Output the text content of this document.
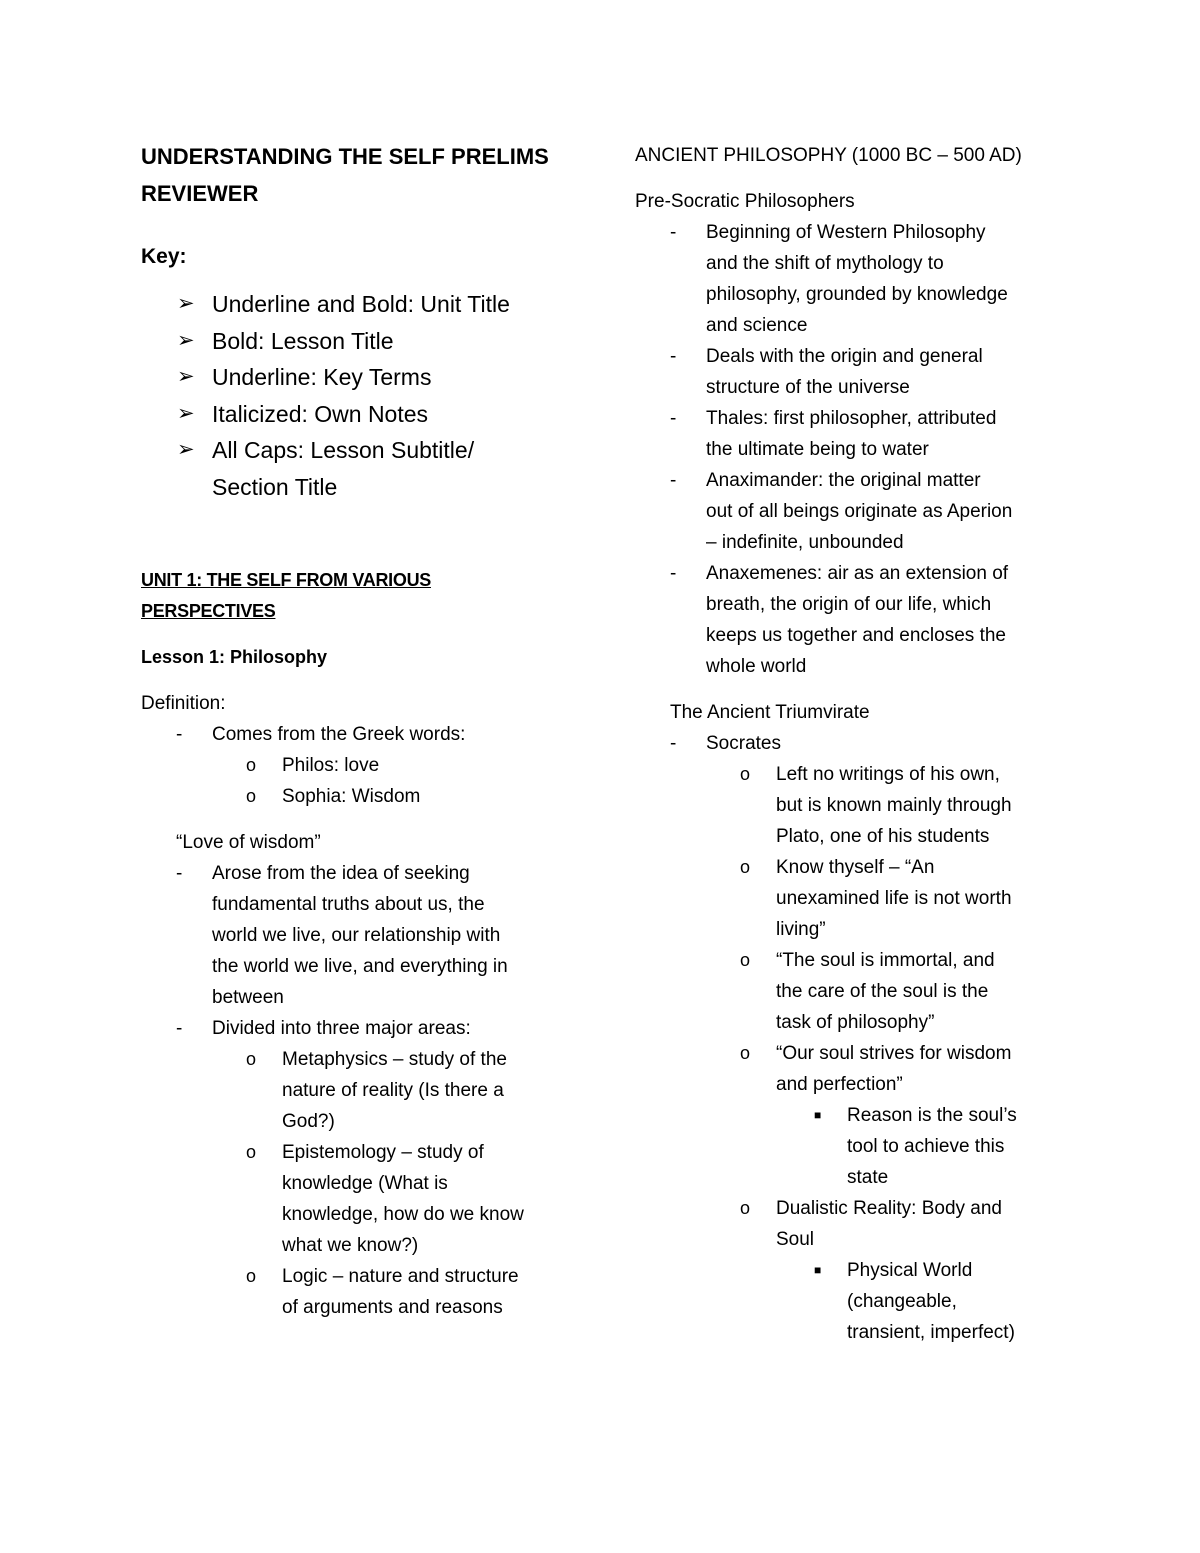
UNDERSTANDING THE SELF PRELIMS
REVIEWER

Key:

➢ Underline and Bold: Unit Title
➢ Bold: Lesson Title
➢ Underline: Key Terms
➢ Italicized: Own Notes
➢ All Caps: Lesson Subtitle/
Section Title

UNIT 1: THE SELF FROM VARIOUS
PERSPECTIVES

Lesson 1: Philosophy

Definition:

- Comes from the Greek words:
o Philos: love
o Sophia: Wisdom

“Love of wisdom”

- Arose from the idea of seeking
fundamental truths about us, the
world we live, our relationship with
the world we live, and everything in
between
- Divided into three major areas:
o Metaphysics – study of the
nature of reality (Is there a
God?)
o Epistemology – study of
knowledge (What is
knowledge, how do we know
what we know?)
o Logic – nature and structure
of arguments and reasons

ANCIENT PHILOSOPHY (1000 BC – 500 AD)

Pre-Socratic Philosophers

- Beginning of Western Philosophy
and the shift of mythology to
philosophy, grounded by knowledge
and science
- Deals with the origin and general
structure of the universe
- Thales: first philosopher, attributed
the ultimate being to water
- Anaximander: the original matter
out of all beings originate as Aperion
– indefinite, unbounded
- Anaxemenes: air as an extension of
breath, the origin of our life, which
keeps us together and encloses the
whole world

The Ancient Triumvirate

- Socrates
o Left no writings of his own,
but is known mainly through
Plato, one of his students
o Know thyself – “An
unexamined life is not worth
living”
o “The soul is immortal, and
the care of the soul is the
task of philosophy”
o “Our soul strives for wisdom
and perfection”
■ Reason is the soul’s
tool to achieve this
state
o Dualistic Reality: Body and
Soul
■ Physical World
(changeable,
transient, imperfect)
